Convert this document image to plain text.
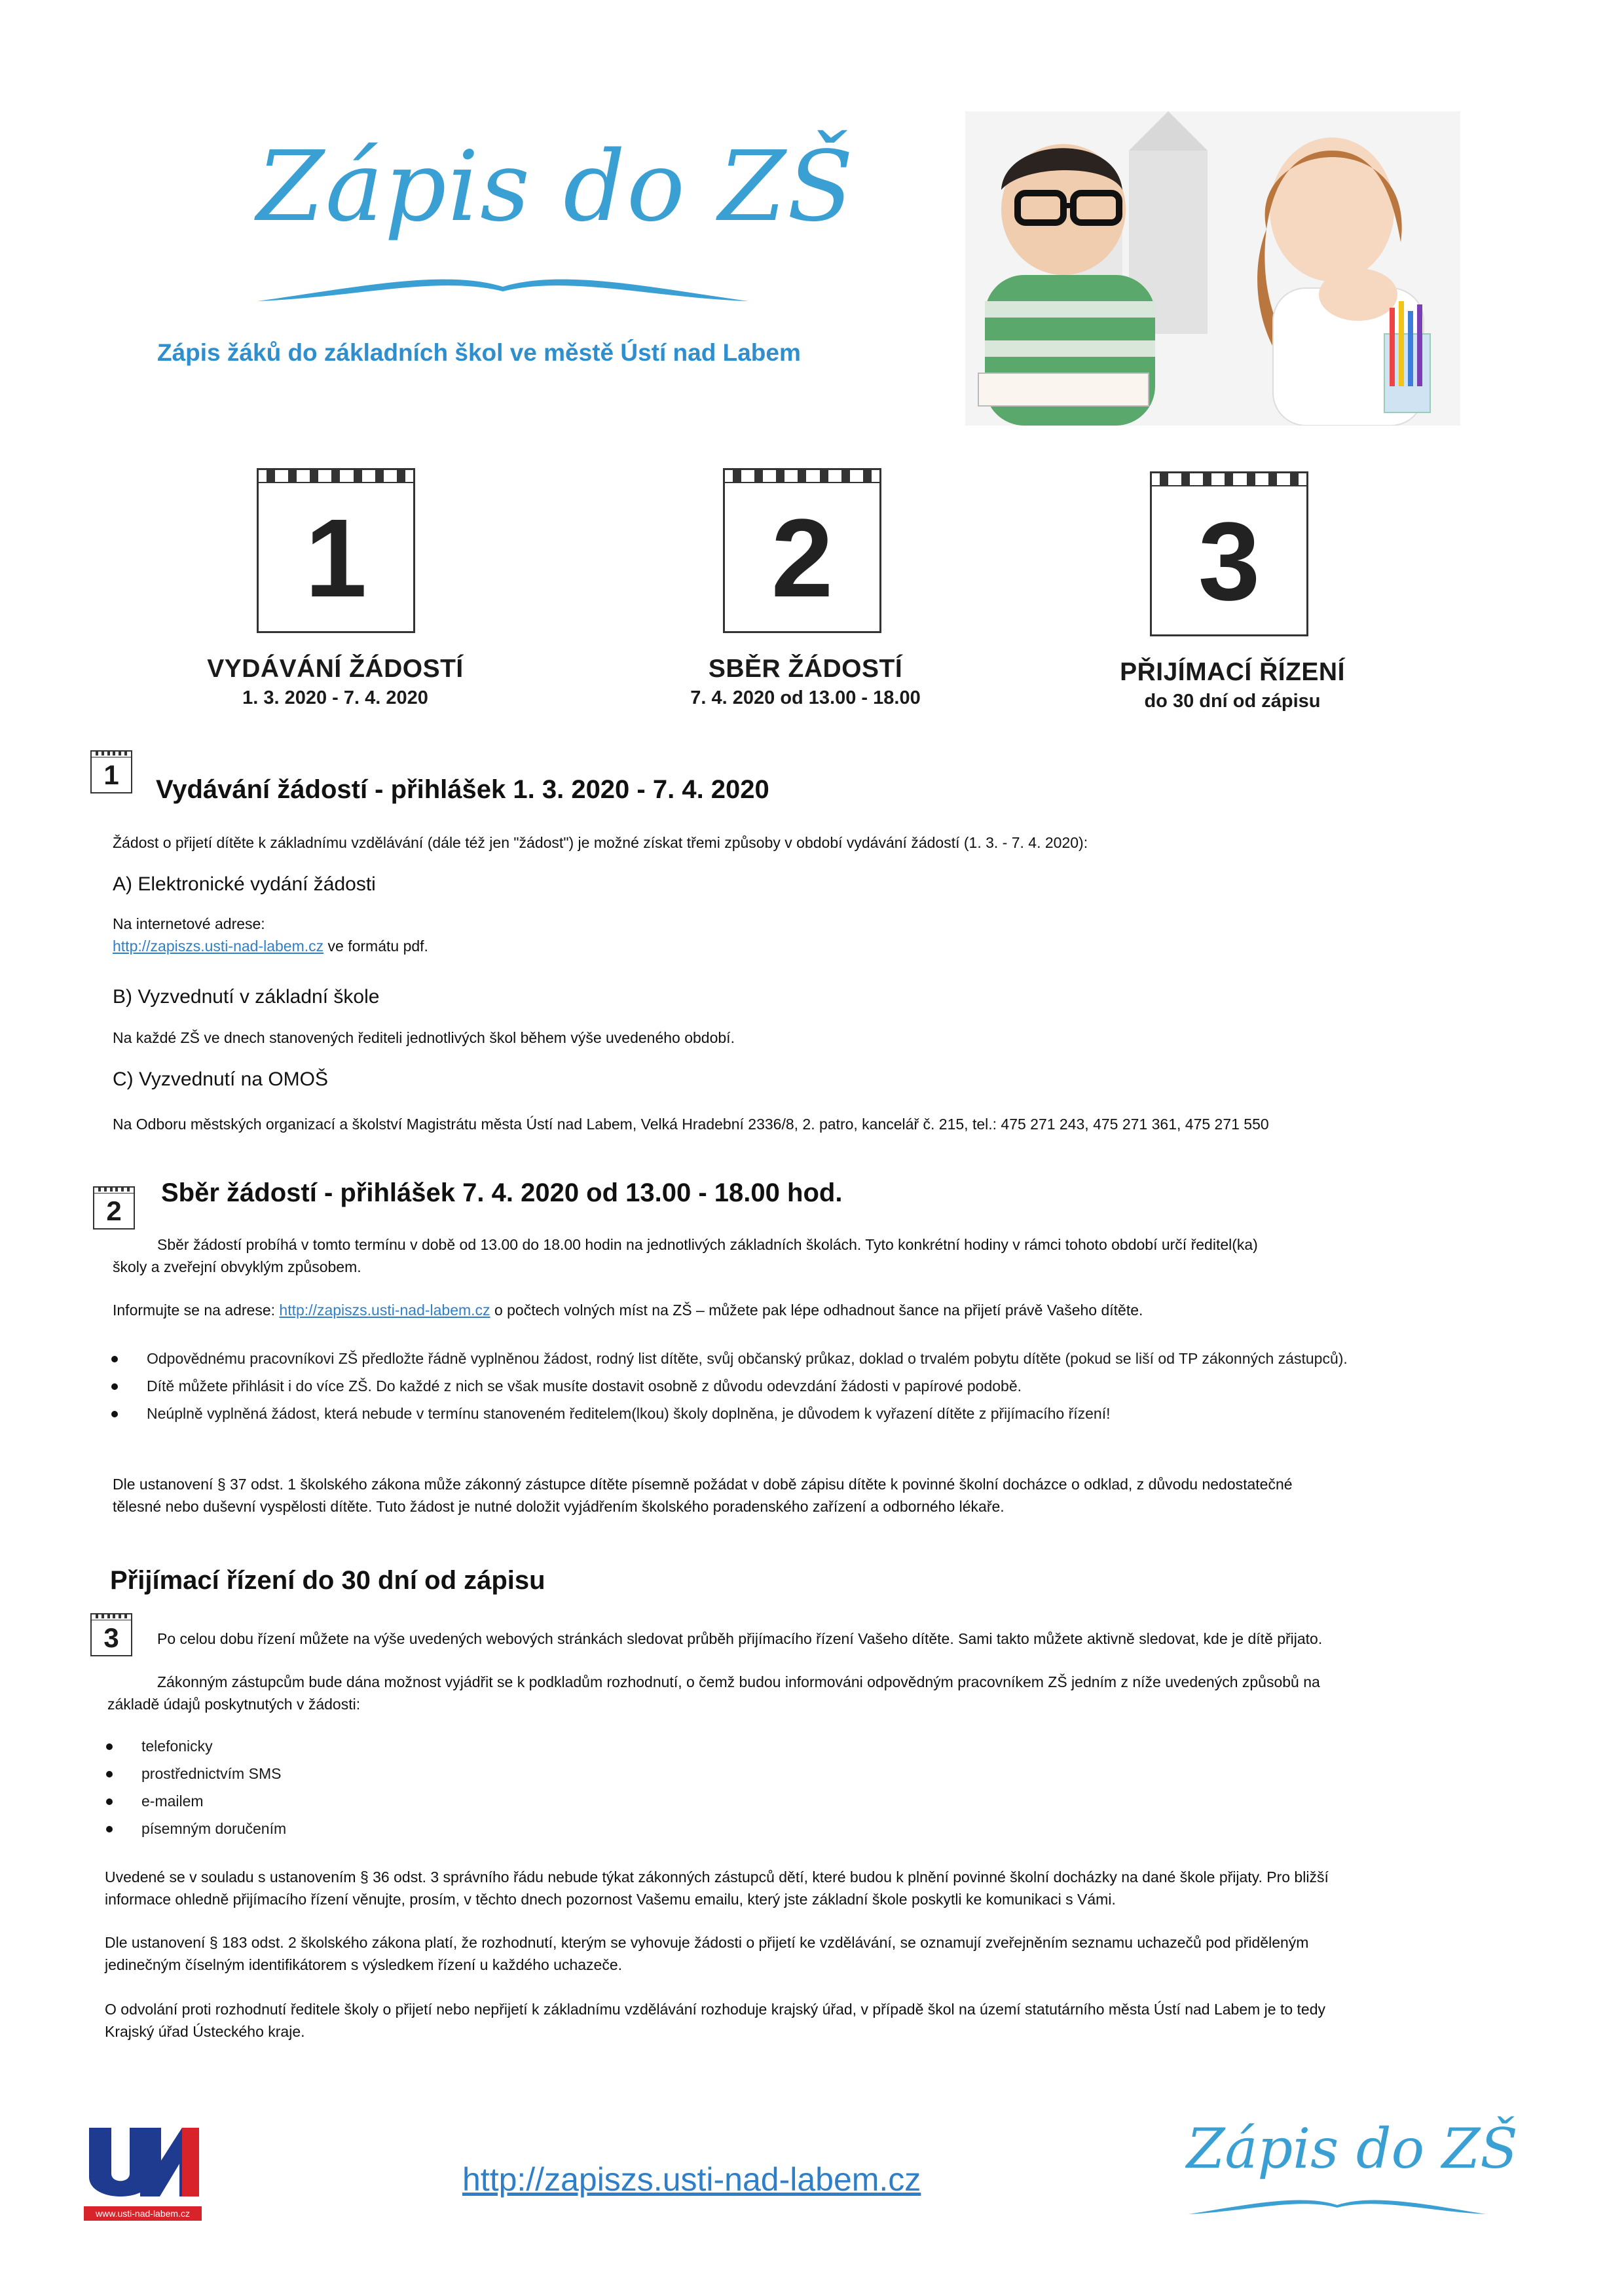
Zápis do ZŠ
Zápis žáků do základních škol ve městě Ústí nad Labem
1	2	3
VYDÁVÁNÍ ŽÁDOSTÍ
1. 3. 2020 - 7. 4. 2020
SBĚR ŽÁDOSTÍ
7. 4. 2020 od 13.00 - 18.00
PŘIJÍMACÍ ŘÍZENÍ
do 30 dní od zápisu
1	Vydávání žádostí - přihlášek 1. 3. 2020 - 7. 4. 2020
Žádost o přijetí dítěte k základnímu vzdělávání (dále též jen "žádost") je možné získat třemi způsoby v období vydávání žádostí (1. 3. - 7. 4. 2020):
A) Elektronické vydání žádosti
Na internetové adrese:
http://zapiszs.usti-nad-labem.cz ve formátu pdf.
B) Vyzvednutí v základní škole
Na každé ZŠ ve dnech stanovených řediteli jednotlivých škol během výše uvedeného období.
C) Vyzvednutí na OMOŠ
Na Odboru městských organizací a školství Magistrátu města Ústí nad Labem, Velká Hradební 2336/8, 2. patro, kancelář č. 215, tel.: 475 271 243, 475 271 361, 475 271 550
2
Sběr žádostí - přihlášek 7. 4. 2020 od 13.00 - 18.00 hod.
Sběr žádostí probíhá v tomto termínu v době od 13.00 do 18.00 hodin na jednotlivých základních školách. Tyto konkrétní hodiny v rámci tohoto období určí ředitel(ka)
školy a zveřejní obvyklým způsobem.
Informujte se na adrese: http://zapiszs.usti-nad-labem.cz o počtech volných míst na ZŠ – můžete pak lépe odhadnout šance na přijetí právě Vašeho dítěte.
Odpovědnému pracovníkovi ZŠ předložte řádně vyplněnou žádost, rodný list dítěte, svůj občanský průkaz, doklad o trvalém pobytu dítěte (pokud se liší od TP zákonných zástupců).
Dítě můžete přihlásit i do více ZŠ. Do každé z nich se však musíte dostavit osobně z důvodu odevzdání žádosti v papírové podobě.
Neúplně vyplněná žádost, která nebude v termínu stanoveném ředitelem(lkou) školy doplněna, je důvodem k vyřazení dítěte z přijímacího řízení!
Dle ustanovení § 37 odst. 1 školského zákona může zákonný zástupce dítěte písemně požádat v době zápisu dítěte k povinné školní docházce o odklad, z důvodu nedostatečné
tělesné nebo duševní vyspělosti dítěte. Tuto žádost je nutné doložit vyjádřením školského poradenského zařízení a odborného lékaře.
Přijímací řízení do 30 dní od zápisu
3	Po celou dobu řízení můžete na výše uvedených webových stránkách sledovat průběh přijímacího řízení Vašeho dítěte. Sami takto můžete aktivně sledovat, kde je dítě přijato.
Zákonným zástupcům bude dána možnost vyjádřit se k podkladům rozhodnutí, o čemž budou informováni odpovědným pracovníkem ZŠ jedním z níže uvedených způsobů na
základě údajů poskytnutých v žádosti:
telefonicky
prostřednictvím SMS
e-mailem
písemným doručením
Uvedené se v souladu s ustanovením § 36 odst. 3 správního řádu nebude týkat zákonných zástupců dětí, které budou k plnění povinné školní docházky na dané škole přijaty. Pro bližší
informace ohledně přijímacího řízení věnujte, prosím, v těchto dnech pozornost Vašemu emailu, který jste základní škole poskytli ke komunikaci s Vámi.
Dle ustanovení § 183 odst. 2 školského zákona platí, že rozhodnutí, kterým se vyhovuje žádosti o přijetí ke vzdělávání, se oznamují zveřejněním seznamu uchazečů pod přiděleným
jedinečným číselným identifikátorem s výsledkem řízení u každého uchazeče.
O odvolání proti rozhodnutí ředitele školy o přijetí nebo nepřijetí k základnímu vzdělávání rozhoduje krajský úřad, v případě škol na území statutárního města Ústí nad Labem je to tedy
Krajský úřad Ústeckého kraje.
www.usti-nad-labem.cz
http://zapiszs.usti-nad-labem.cz	Zápis do ZŠ
